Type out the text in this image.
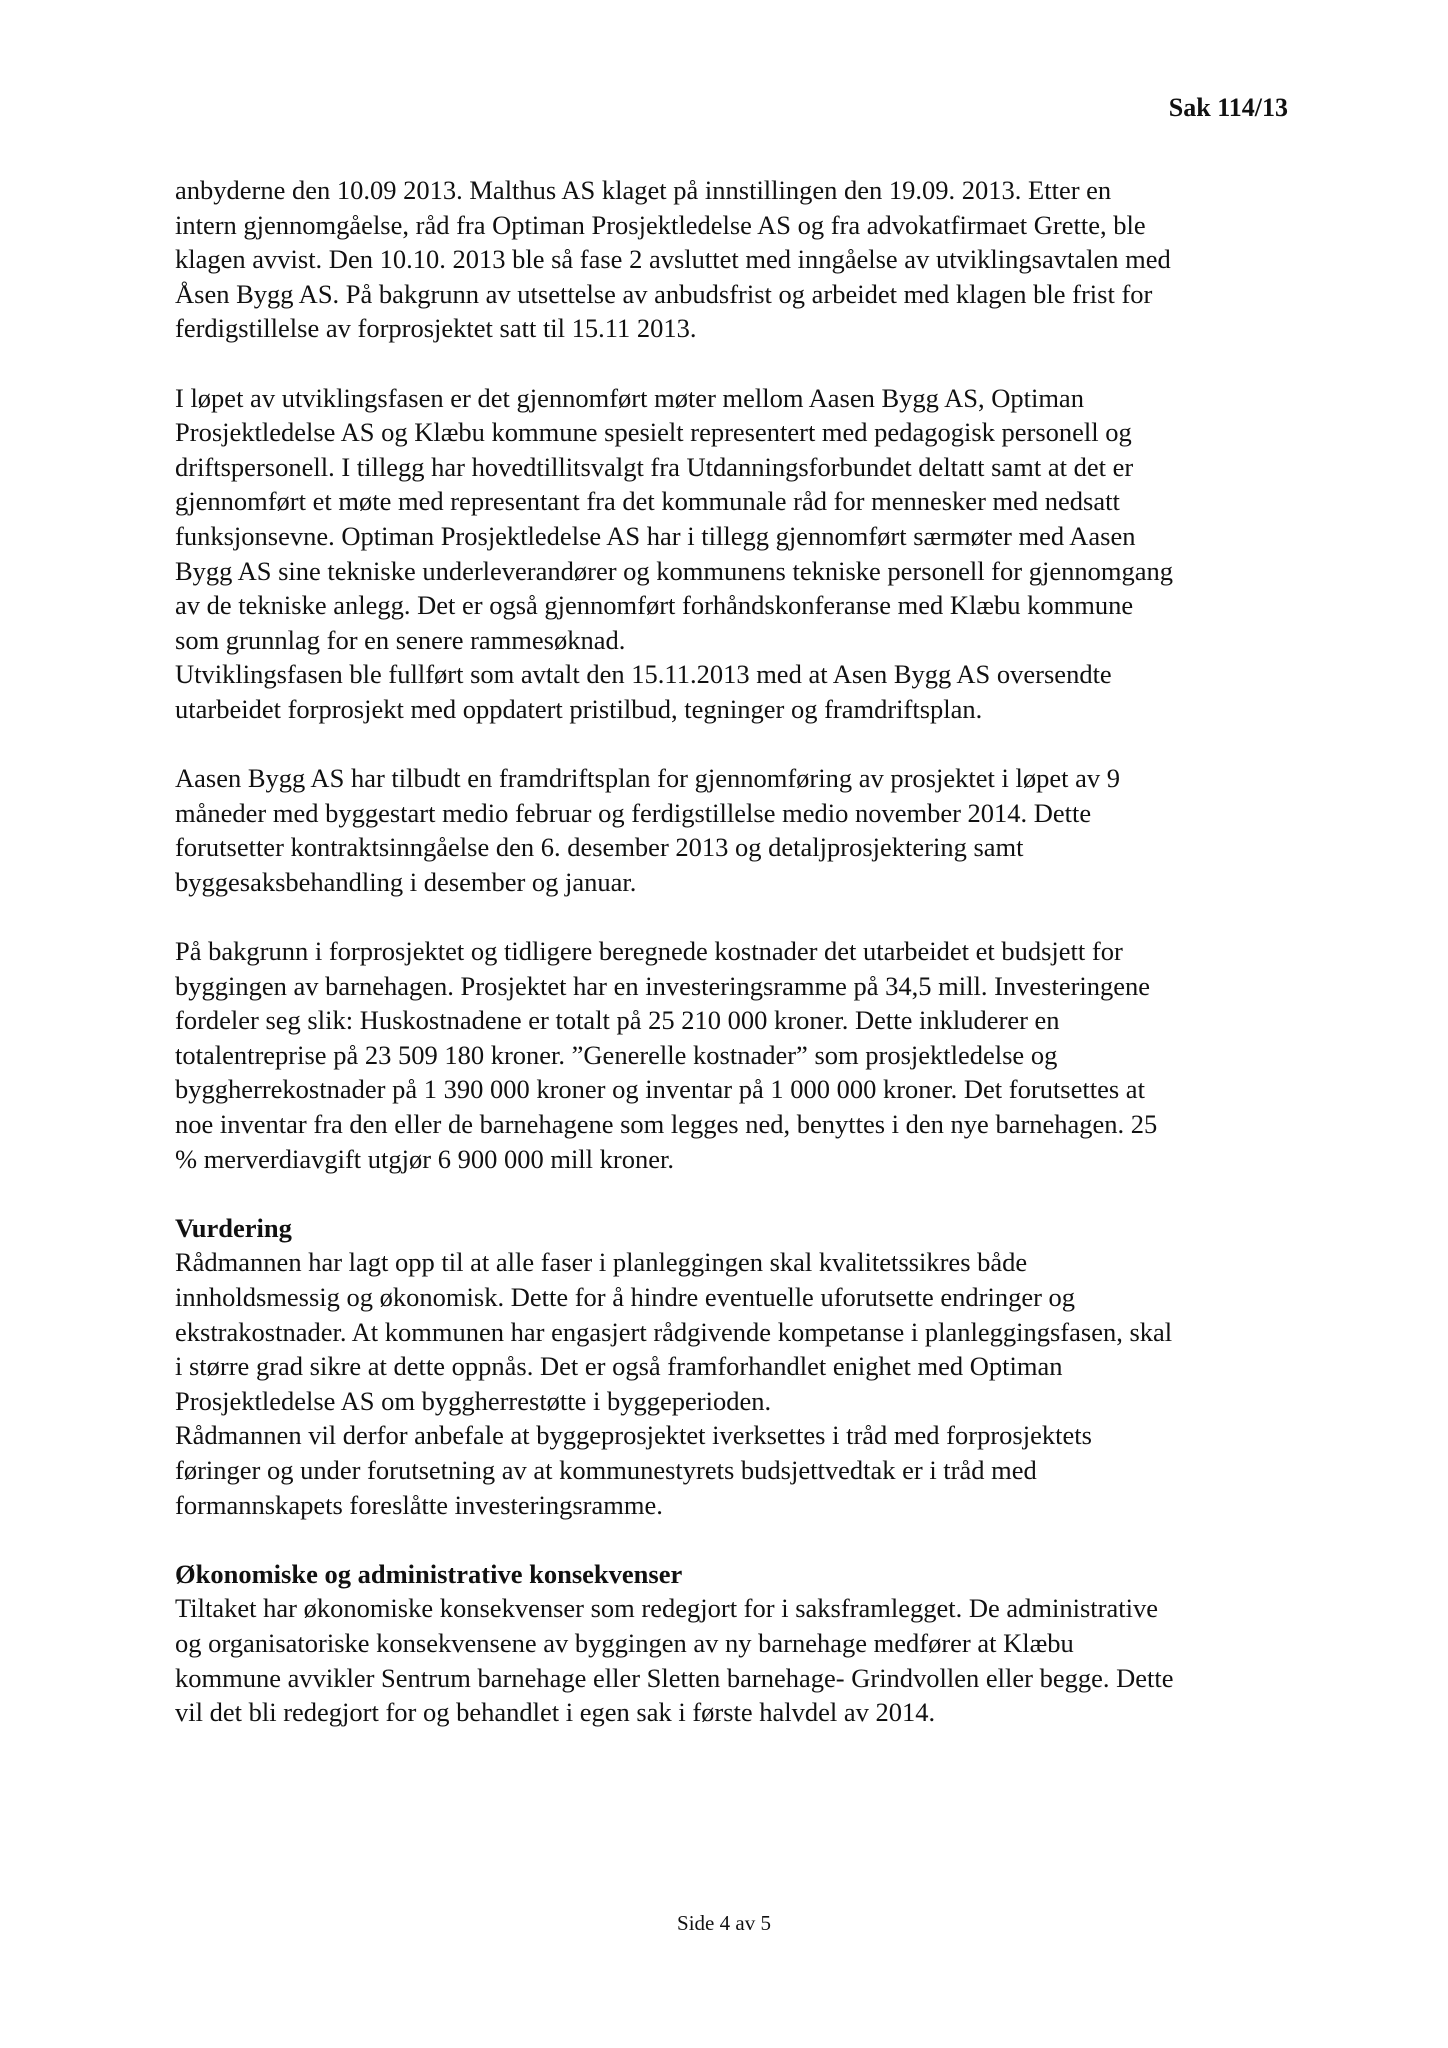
Sak 114/13
anbyderne den 10.09 2013. Malthus AS klaget på innstillingen den 19.09. 2013. Etter en
intern gjennomgåelse, råd fra Optiman Prosjektledelse AS og fra advokatfirmaet Grette, ble
klagen avvist. Den 10.10. 2013 ble så fase 2 avsluttet med inngåelse av utviklingsavtalen med
Åsen Bygg AS. På bakgrunn av utsettelse av anbudsfrist og arbeidet med klagen ble frist for
ferdigstillelse av forprosjektet satt til 15.11 2013.
I løpet av utviklingsfasen er det gjennomført møter mellom Aasen Bygg AS, Optiman
Prosjektledelse AS og Klæbu kommune spesielt representert med pedagogisk personell og
driftspersonell. I tillegg har hovedtillitsvalgt fra Utdanningsforbundet deltatt samt at det er
gjennomført et møte med representant fra det kommunale råd for mennesker med nedsatt
funksjonsevne. Optiman Prosjektledelse AS har i tillegg gjennomført særmøter med Aasen
Bygg AS sine tekniske underleverandører og kommunens tekniske personell for gjennomgang
av de tekniske anlegg. Det er også gjennomført forhåndskonferanse med Klæbu kommune
som grunnlag for en senere rammesøknad.
Utviklingsfasen ble fullført som avtalt den 15.11.2013 med at Asen Bygg AS oversendte
utarbeidet forprosjekt med oppdatert pristilbud, tegninger og framdriftsplan.
Aasen Bygg AS har tilbudt en framdriftsplan for gjennomføring av prosjektet i løpet av 9
måneder med byggestart medio februar og ferdigstillelse medio november 2014. Dette
forutsetter kontraktsinngåelse den 6. desember 2013 og detaljprosjektering samt
byggesaksbehandling i desember og januar.
På bakgrunn i forprosjektet og tidligere beregnede kostnader det utarbeidet et budsjett for
byggingen av barnehagen. Prosjektet har en investeringsramme på 34,5 mill. Investeringene
fordeler seg slik: Huskostnadene er totalt på 25 210 000 kroner. Dette inkluderer en
totalentreprise på 23 509 180 kroner. ”Generelle kostnader” som prosjektledelse og
byggherrekostnader på 1 390 000 kroner og inventar på 1 000 000 kroner. Det forutsettes at
noe inventar fra den eller de barnehagene som legges ned, benyttes i den nye barnehagen. 25
% merverdiavgift utgjør 6 900 000 mill kroner.
Vurdering
Rådmannen har lagt opp til at alle faser i planleggingen skal kvalitetssikres både
innholdsmessig og økonomisk. Dette for å hindre eventuelle uforutsette endringer og
ekstrakostnader. At kommunen har engasjert rådgivende kompetanse i planleggingsfasen, skal
i større grad sikre at dette oppnås. Det er også framforhandlet enighet med Optiman
Prosjektledelse AS om byggherrestøtte i byggeperioden.
Rådmannen vil derfor anbefale at byggeprosjektet iverksettes i tråd med forprosjektets
føringer og under forutsetning av at kommunestyrets budsjettvedtak er i tråd med
formannskapets foreslåtte investeringsramme.
Økonomiske og administrative konsekvenser
Tiltaket har økonomiske konsekvenser som redegjort for i saksframlegget. De administrative
og organisatoriske konsekvensene av byggingen av ny barnehage medfører at Klæbu
kommune avvikler Sentrum barnehage eller Sletten barnehage- Grindvollen eller begge. Dette
vil det bli redegjort for og behandlet i egen sak i første halvdel av 2014.
Side 4 av 5
